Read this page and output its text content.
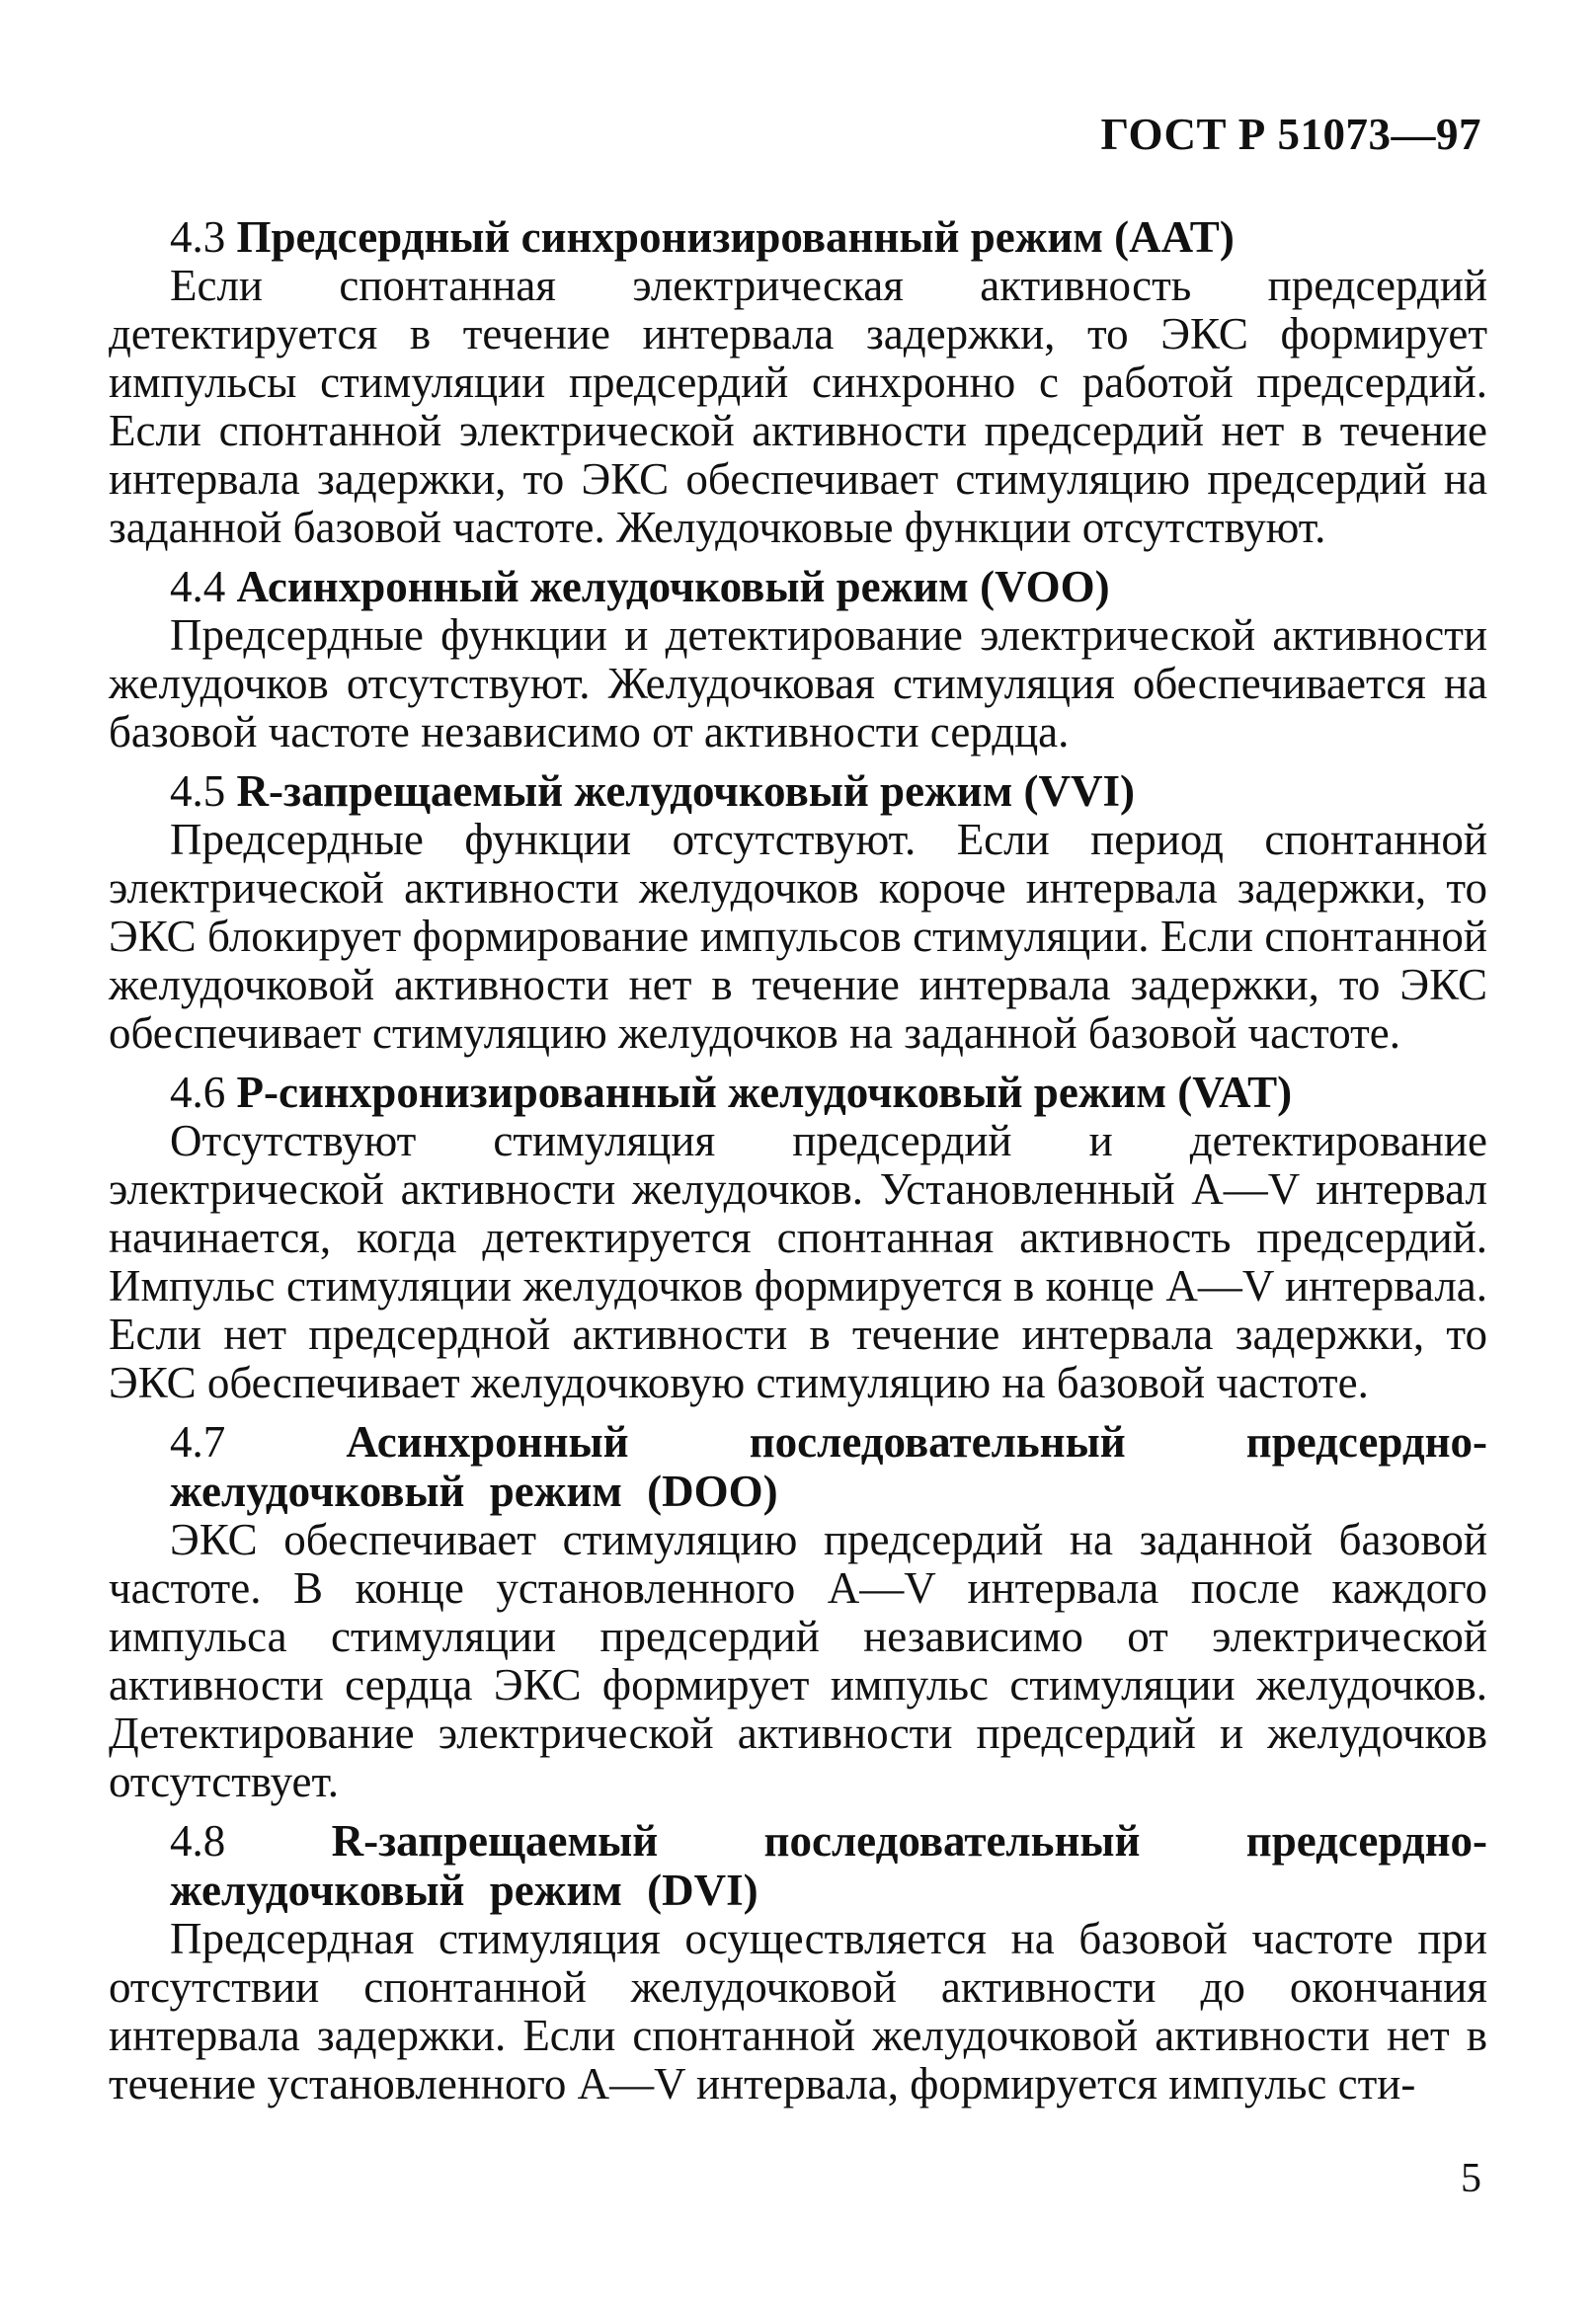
ГОСТ Р 51073—97

4.3 Предсердный синхронизированный режим (AAT)

Если спонтанная электрическая активность предсердий детектируется в течение интервала задержки, то ЭКС формирует импульсы стимуляции предсердий синхронно с работой предсердий. Если спонтанной электрической активности предсердий нет в течение интервала задержки, то ЭКС обеспечивает стимуляцию предсердий на заданной базовой частоте. Желудочковые функции отсутствуют.

4.4 Асинхронный желудочковый режим (VOO)

Предсердные функции и детектирование электрической активности желудочков отсутствуют. Желудочковая стимуляция обеспечивается на базовой частоте независимо от активности сердца.

4.5 R-запрещаемый желудочковый режим (VVI)

Предсердные функции отсутствуют. Если период спонтанной электрической активности желудочков короче интервала задержки, то ЭКС блокирует формирование импульсов стимуляции. Если спонтанной желудочковой активности нет в течение интервала задержки, то ЭКС обеспечивает стимуляцию желудочков на заданной базовой частоте.

4.6 Р-синхронизированный желудочковый режим (VAT)

Отсутствуют стимуляция предсердий и детектирование электрической активности желудочков. Установленный A—V интервал начинается, когда детектируется спонтанная активность предсердий. Импульс стимуляции желудочков формируется в конце A—V интервала. Если нет предсердной активности в течение интервала задержки, то ЭКС обеспечивает желудочковую стимуляцию на базовой частоте.

4.7	Асинхронный последовательный предсердно-желудочковый режим (DOO)

ЭКС обеспечивает стимуляцию предсердий на заданной базовой частоте. В конце установленного A—V интервала после каждого импульса стимуляции предсердий независимо от электрической активности сердца ЭКС формирует импульс стимуляции желудочков. Детектирование электрической активности предсердий и желудочков отсутствует.

4.8 R-запрещаемый последовательный предсердно-желудочковый режим (DVI)

Предсердная стимуляция осуществляется на базовой частоте при отсутствии спонтанной желудочковой активности до окончания интервала задержки. Если спонтанной желудочковой активности нет в течение установленного A—V интервала, формируется импульс сти-

5
